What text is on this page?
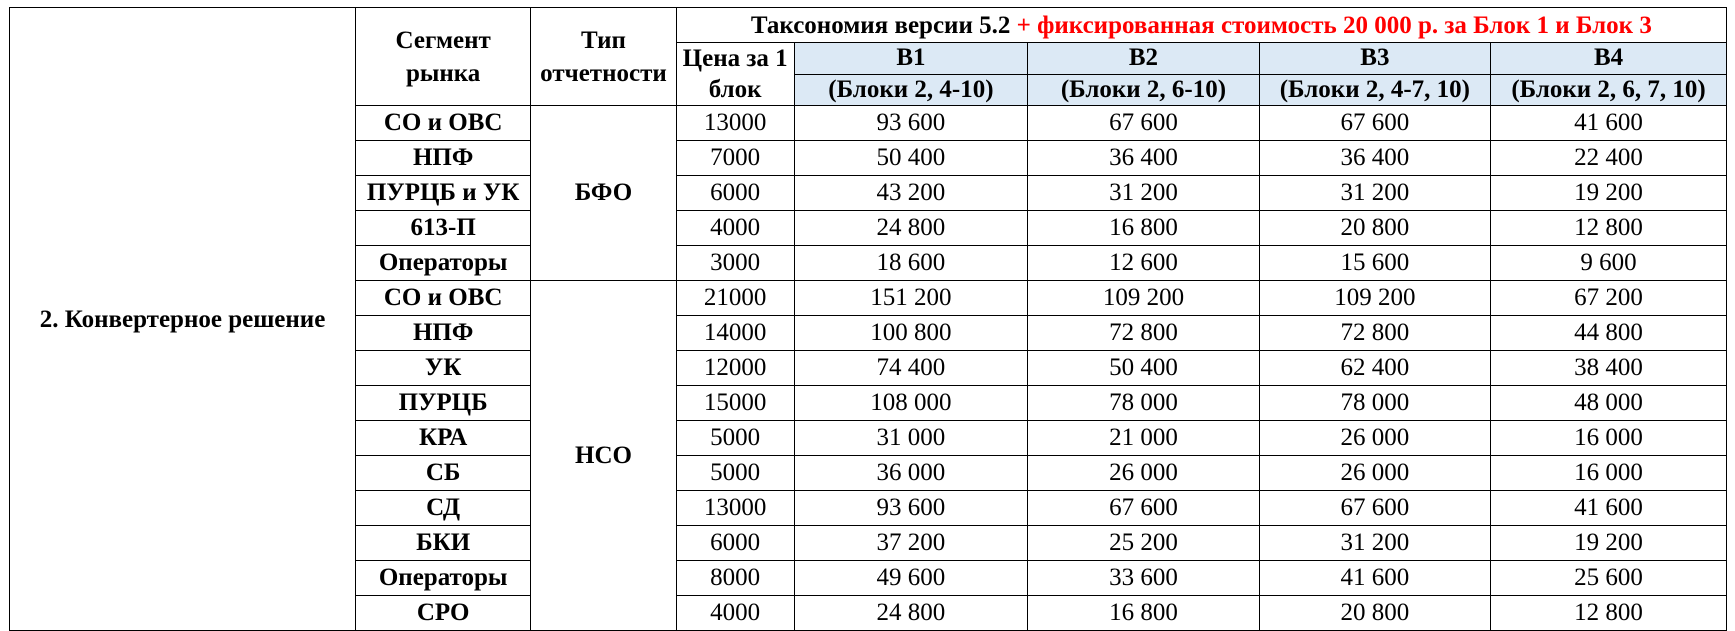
2. Конвертерное решение	Сегмент рынка	Тип отчетности	Таксономия версии 5.2 + фиксированная стоимость 20 000 р. за Блок 1 и Блок 3				
			Цена за 1 блок	B1	B2	B3	B4
				(Блоки 2, 4-10)	(Блоки 2, 6-10)	(Блоки 2, 4-7, 10)	(Блоки 2, 6, 7, 10)
	СО и ОВС	БФО	13000	93 600	67 600	67 600	41 600
	НПФ		7000	50 400	36 400	36 400	22 400
	ПУРЦБ и УК		6000	43 200	31 200	31 200	19 200
	613-П		4000	24 800	16 800	20 800	12 800
	Операторы		3000	18 600	12 600	15 600	9 600
	СО и ОВС	НСО	21000	151 200	109 200	109 200	67 200
	НПФ		14000	100 800	72 800	72 800	44 800
	УК		12000	74 400	50 400	62 400	38 400
	ПУРЦБ		15000	108 000	78 000	78 000	48 000
	КРА		5000	31 000	21 000	26 000	16 000
	СБ		5000	36 000	26 000	26 000	16 000
	СД		13000	93 600	67 600	67 600	41 600
	БКИ		6000	37 200	25 200	31 200	19 200
	Операторы		8000	49 600	33 600	41 600	25 600
	СРО		4000	24 800	16 800	20 800	12 800
